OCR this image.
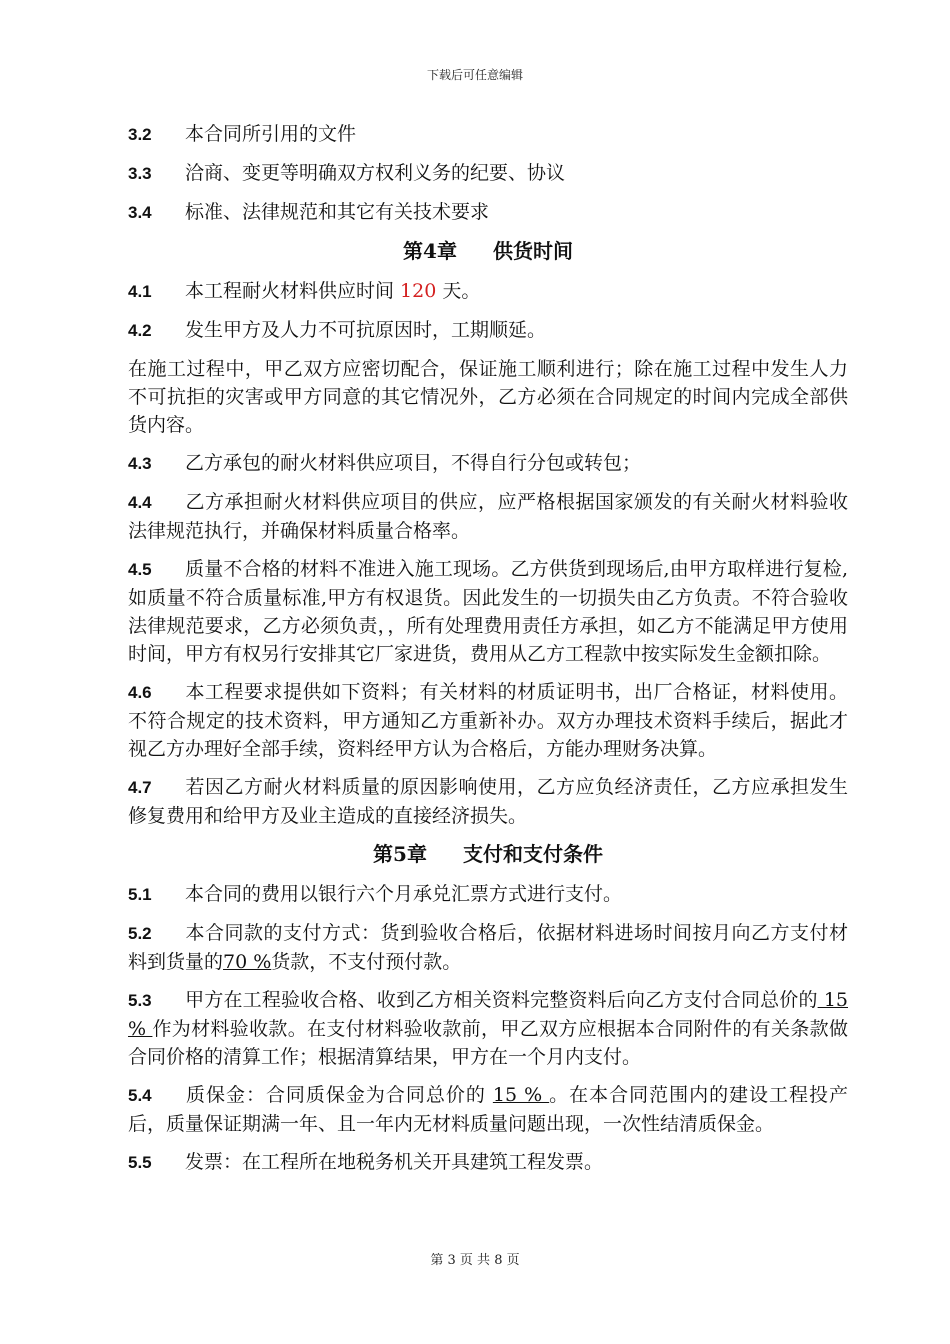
下载后可任意编辑

3.2 本合同所引用的文件

3.3 洽商、变更等明确双方权利义务的纪要、协议

3.4 标准、法律规范和其它有关技术要求

第4章 供货时间

4.1 本工程耐火材料供应时间 120 天。

4.2 发生甲方及人力不可抗原因时，工期顺延。

在施工过程中，甲乙双方应密切配合，保证施工顺利进行；除在施工过程中发生人力不可抗拒的灾害或甲方同意的其它情况外，乙方必须在合同规定的时间内完成全部供货内容。

4.3 乙方承包的耐火材料供应项目，不得自行分包或转包；

4.4 乙方承担耐火材料供应项目的供应，应严格根据国家颁发的有关耐火材料验收法律规范执行，并确保材料质量合格率。

4.5 质量不合格的材料不准进入施工现场。乙方供货到现场后,由甲方取样进行复检,如质量不符合质量标准,甲方有权退货。因此发生的一切损失由乙方负责。不符合验收法律规范要求，乙方必须负责，，所有处理费用责任方承担，如乙方不能满足甲方使用时间，甲方有权另行安排其它厂家进货，费用从乙方工程款中按实际发生金额扣除。

4.6 本工程要求提供如下资料；有关材料的材质证明书，出厂合格证，材料使用。不符合规定的技术资料，甲方通知乙方重新补办。双方办理技术资料手续后，据此才视乙方办理好全部手续，资料经甲方认为合格后，方能办理财务决算。

4.7 若因乙方耐火材料质量的原因影响使用，乙方应负经济责任，乙方应承担发生修复费用和给甲方及业主造成的直接经济损失。

第5章 支付和支付条件

5.1 本合同的费用以银行六个月承兑汇票方式进行支付。

5.2 本合同款的支付方式：货到验收合格后，依据材料进场时间按月向乙方支付材料到货量的70 %货款，不支付预付款。

5.3 甲方在工程验收合格、收到乙方相关资料完整资料后向乙方支付合同总价的 15 % 作为材料验收款。在支付材料验收款前，甲乙双方应根据本合同附件的有关条款做合同价格的清算工作；根据清算结果，甲方在一个月内支付。

5.4 质保金：合同质保金为合同总价的 15 % 。在本合同范围内的建设工程投产后，质量保证期满一年、且一年内无材料质量问题出现，一次性结清质保金。

5.5 发票：在工程所在地税务机关开具建筑工程发票。

第 3 页 共 8 页
